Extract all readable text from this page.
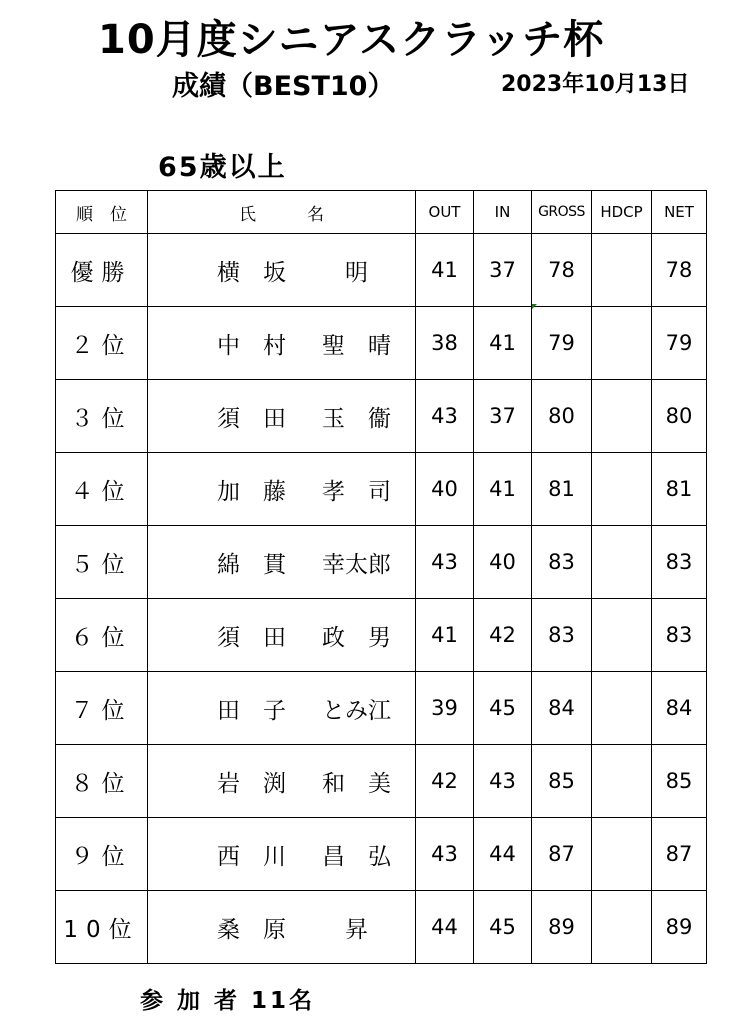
10月度シニアスクラッチ杯
成績（BEST10）	2023年10月13日
65歳以上
順　位	氏　　　名	OUT	IN	GROSS	HDCP	NET
優勝	横　坂 明	41	37	78		78
２位	中　村 聖　晴	38	41	79		79
３位	須　田 玉　衞	43	37	80		80
４位	加　藤 孝　司	40	41	81		81
５位	綿　貫 幸太郎	43	40	83		83
６位	須　田 政　男	41	42	83		83
７位	田　子 とみ江	39	45	84		84
８位	岩　渕 和　美	42	43	85		85
９位	西　川 昌　弘	43	44	87		87
10位	桑　原 昇	44	45	89		89
参 加 者 11名
